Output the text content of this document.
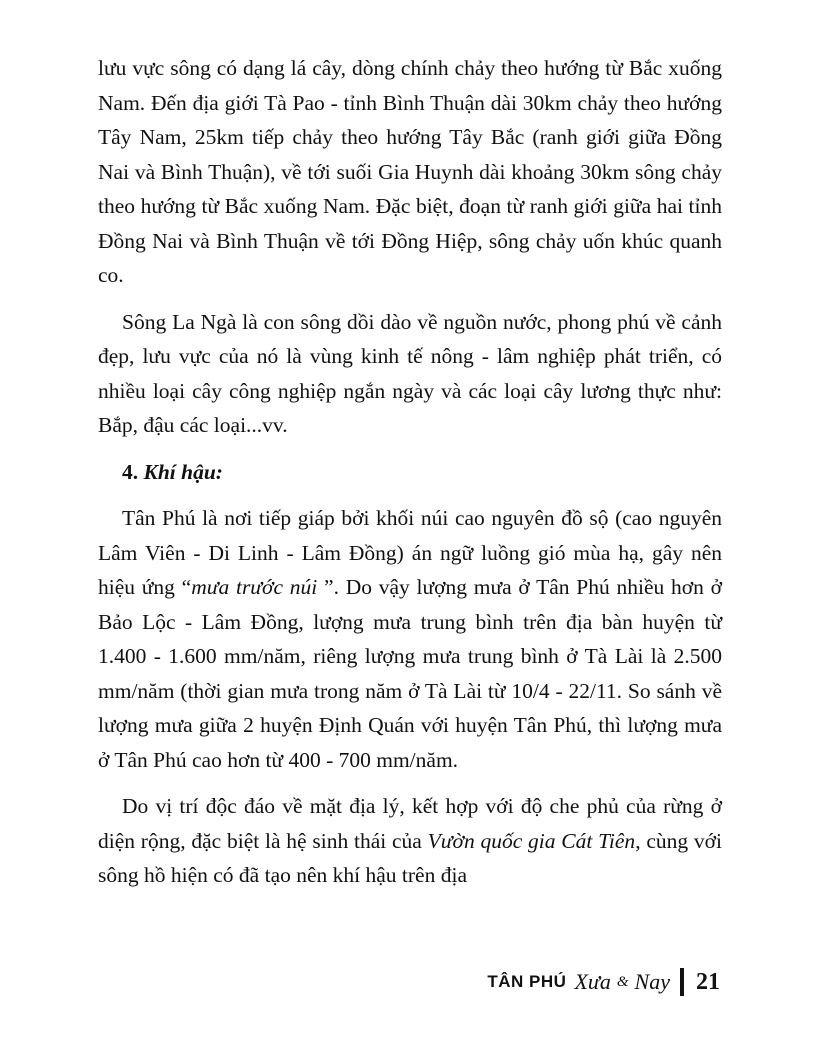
lưu vực sông có dạng lá cây, dòng chính chảy theo hướng từ Bắc xuống Nam. Đến địa giới Tà Pao - tỉnh Bình Thuận dài 30km chảy theo hướng Tây Nam, 25km tiếp chảy theo hướng Tây Bắc (ranh giới giữa Đồng Nai và Bình Thuận), về tới suối Gia Huynh dài khoảng 30km sông chảy theo hướng từ Bắc xuống Nam. Đặc biệt, đoạn từ ranh giới giữa hai tỉnh Đồng Nai và Bình Thuận về tới Đồng Hiệp, sông chảy uốn khúc quanh co.

Sông La Ngà là con sông dồi dào về nguồn nước, phong phú về cảnh đẹp, lưu vực của nó là vùng kinh tế nông - lâm nghiệp phát triển, có nhiều loại cây công nghiệp ngắn ngày và các loại cây lương thực như: Bắp, đậu các loại...vv.

4. Khí hậu:

Tân Phú là nơi tiếp giáp bởi khối núi cao nguyên đồ sộ (cao nguyên Lâm Viên - Di Linh - Lâm Đồng) án ngữ luồng gió mùa hạ, gây nên hiệu ứng “mưa trước núi ”. Do vậy lượng mưa ở Tân Phú nhiều hơn ở Bảo Lộc - Lâm Đồng, lượng mưa trung bình trên địa bàn huyện từ 1.400 - 1.600 mm/năm, riêng lượng mưa trung bình ở Tà Lài là 2.500 mm/năm (thời gian mưa trong năm ở Tà Lài từ 10/4 - 22/11. So sánh về lượng mưa giữa 2 huyện Định Quán với huyện Tân Phú, thì lượng mưa ở Tân Phú cao hơn từ 400 - 700 mm/năm.

Do vị trí độc đáo về mặt địa lý, kết hợp với độ che phủ của rừng ở diện rộng, đặc biệt là hệ sinh thái của Vườn quốc gia Cát Tiên, cùng với sông hồ hiện có đã tạo nên khí hậu trên địa

TÂN PHÚ Xưa & Nay 21
